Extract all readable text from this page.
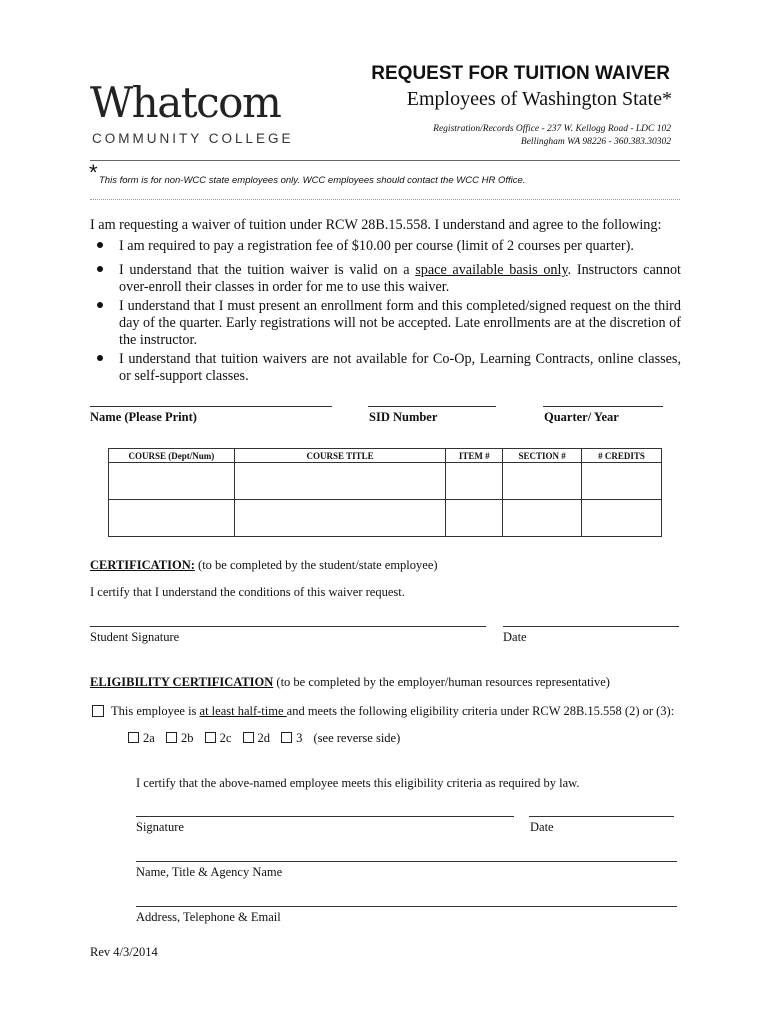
Whatcom
COMMUNITY COLLEGE
REQUEST FOR TUITION WAIVER
Employees of Washington State*
Registration/Records Office - 237 W. Kellogg Road - LDC 102
Bellingham WA 98226 - 360.383.30302
* This form is for non-WCC state employees only. WCC employees should contact the WCC HR Office.
I am requesting a waiver of tuition under RCW 28B.15.558. I understand and agree to the following:
I am required to pay a registration fee of $10.00 per course (limit of 2 courses per quarter).
I understand that the tuition waiver is valid on a space available basis only. Instructors cannot over-enroll their classes in order for me to use this waiver.
I understand that I must present an enrollment form and this completed/signed request on the third day of the quarter. Early registrations will not be accepted. Late enrollments are at the discretion of the instructor.
I understand that tuition waivers are not available for Co-Op, Learning Contracts, online classes, or self-support classes.
Name (Please Print)	SID Number	Quarter/ Year
COURSE (Dept/Num)	COURSE TITLE	ITEM #	SECTION #	# CREDITS

CERTIFICATION: (to be completed by the student/state employee)
I certify that I understand the conditions of this waiver request.
Student Signature	Date
ELIGIBILITY CERTIFICATION (to be completed by the employer/human resources representative)
This employee is at least half-time and meets the following eligibility criteria under RCW 28B.15.558 (2) or (3):
2a 2b 2c 2d 3 (see reverse side)
I certify that the above-named employee meets this eligibility criteria as required by law.
Signature	Date
Name, Title & Agency Name
Address, Telephone & Email
Rev 4/3/2014
